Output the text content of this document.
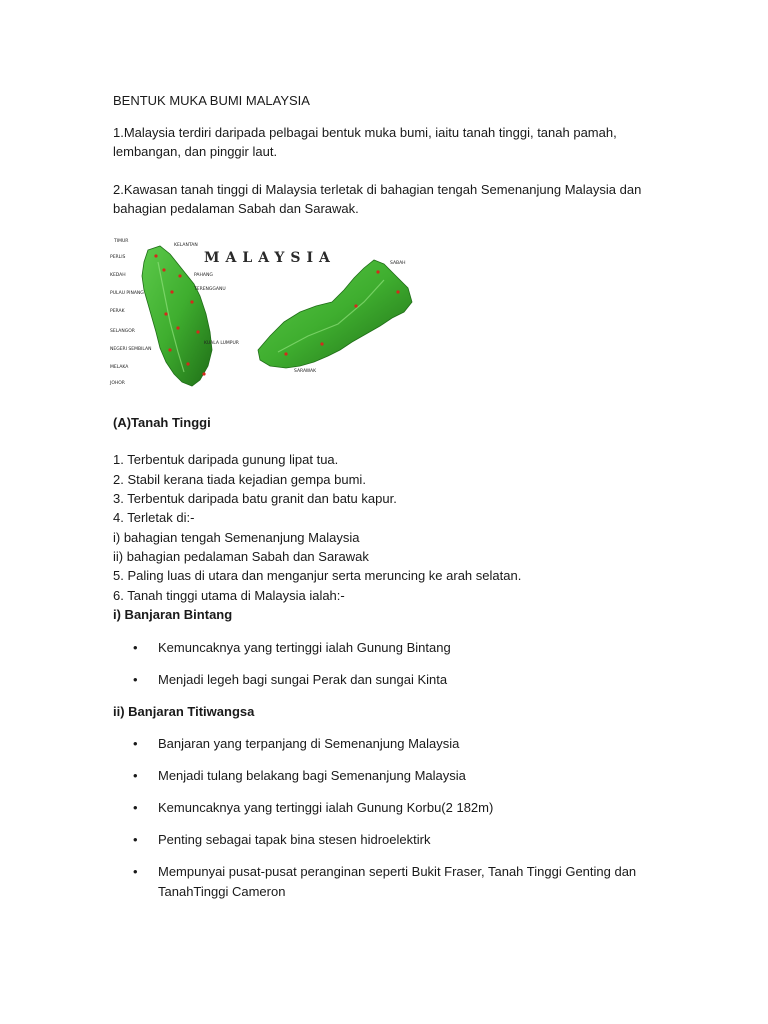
BENTUK MUKA BUMI MALAYSIA
1.Malaysia terdiri daripada pelbagai bentuk muka bumi, iaitu tanah tinggi, tanah pamah,
lembangan, dan pinggir laut.
2.Kawasan tanah tinggi di Malaysia terletak di bahagian tengah Semenanjung Malaysia dan
bahagian pedalaman Sabah dan Sarawak.
MALAYSIA
TIMUR
PERLIS
KEDAH
PULAU PINANG
PERAK
SELANGOR
NEGERI SEMBILAN
MELAKA
JOHOR
PAHANG
TERENGGANU
KELANTAN
KUALA LUMPUR
SABAH
SARAWAK
(A)Tanah Tinggi
1. Terbentuk daripada gunung lipat tua.
2. Stabil kerana tiada kejadian gempa bumi.
3. Terbentuk daripada batu granit dan batu kapur.
4. Terletak di:-
i) bahagian tengah Semenanjung Malaysia
ii) bahagian pedalaman Sabah dan Sarawak
5. Paling luas di utara dan menganjur serta meruncing ke arah selatan.
6. Tanah tinggi utama di Malaysia ialah:-
i) Banjaran Bintang
• Kemuncaknya yang tertinggi ialah Gunung Bintang
• Menjadi legeh bagi sungai Perak dan sungai Kinta
ii) Banjaran Titiwangsa
• Banjaran yang terpanjang di Semenanjung Malaysia
• Menjadi tulang belakang bagi Semenanjung Malaysia
• Kemuncaknya yang tertinggi ialah Gunung Korbu(2 182m)
• Penting sebagai tapak bina stesen hidroelektirk
• Mempunyai pusat-pusat peranginan seperti Bukit Fraser, Tanah Tinggi Genting dan TanahTinggi Cameron
